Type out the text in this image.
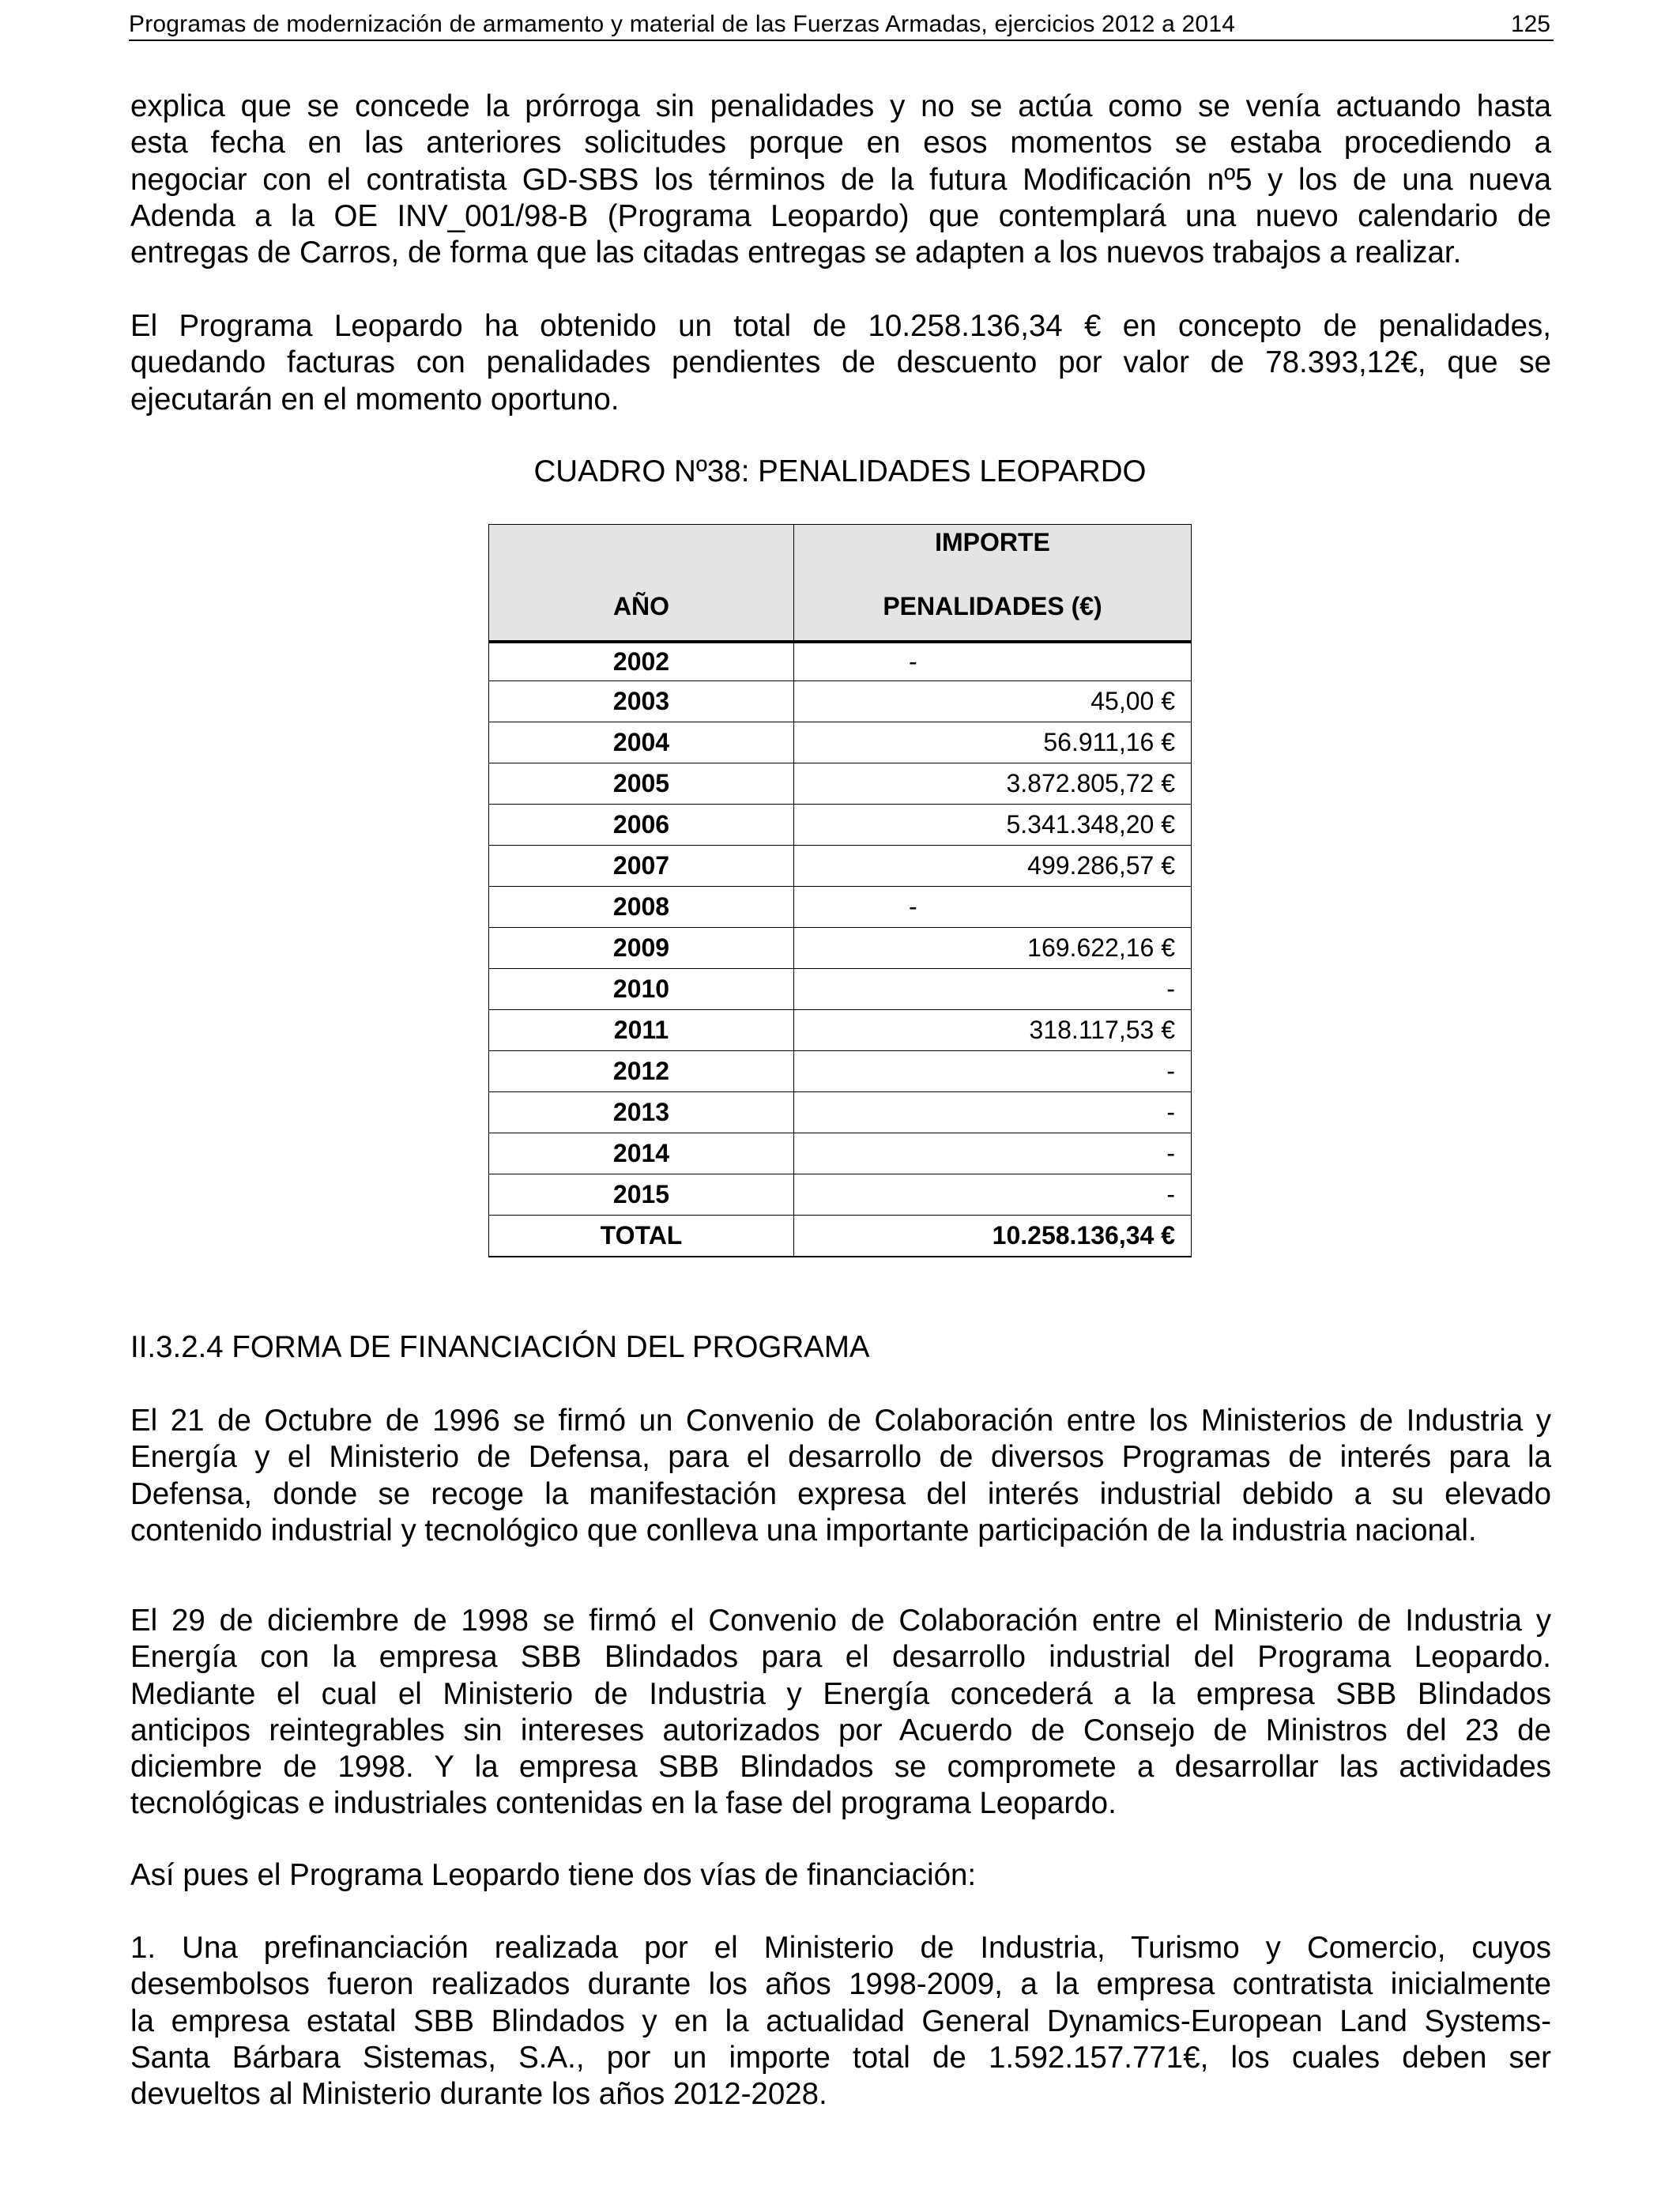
Programas de modernización de armamento y material de las Fuerzas Armadas, ejercicios 2012 a 2014	125
explica que se concede la prórroga sin penalidades y no se actúa como se venía actuando hasta
esta fecha en las anteriores solicitudes porque en esos momentos se estaba procediendo a
negociar con el contratista GD-SBS los términos de la futura Modificación nº5 y los de una nueva
Adenda a la OE INV_001/98-B (Programa Leopardo) que contemplará una nuevo calendario de
entregas de Carros, de forma que las citadas entregas se adapten a los nuevos trabajos a realizar.
El Programa Leopardo ha obtenido un total de 10.258.136,34 € en concepto de penalidades,
quedando facturas con penalidades pendientes de descuento por valor de 78.393,12€, que se
ejecutarán en el momento oportuno.
CUADRO Nº38: PENALIDADES LEOPARDO
AÑO	IMPORTE
PENALIDADES (€)

2002	-
2003	45,00 €
2004	56.911,16 €
2005	3.872.805,72 €
2006	5.341.348,20 €
2007	499.286,57 €
2008	-
2009	169.622,16 €
2010	-
2011	318.117,53 €
2012	-
2013	-
2014	-
2015	-
TOTAL	10.258.136,34 €
II.3.2.4 FORMA DE FINANCIACIÓN DEL PROGRAMA
El 21 de Octubre de 1996 se firmó un Convenio de Colaboración entre los Ministerios de Industria y
Energía y el Ministerio de Defensa, para el desarrollo de diversos Programas de interés para la
Defensa, donde se recoge la manifestación expresa del interés industrial debido a su elevado
contenido industrial y tecnológico que conlleva una importante participación de la industria nacional.
El 29 de diciembre de 1998 se firmó el Convenio de Colaboración entre el Ministerio de Industria y
Energía con la empresa SBB Blindados para el desarrollo industrial del Programa Leopardo.
Mediante el cual el Ministerio de Industria y Energía concederá a la empresa SBB Blindados
anticipos reintegrables sin intereses autorizados por Acuerdo de Consejo de Ministros del 23 de
diciembre de 1998. Y la empresa SBB Blindados se compromete a desarrollar las actividades
tecnológicas e industriales contenidas en la fase del programa Leopardo.
Así pues el Programa Leopardo tiene dos vías de financiación:
1. Una prefinanciación realizada por el Ministerio de Industria, Turismo y Comercio, cuyos
desembolsos fueron realizados durante los años 1998-2009, a la empresa contratista inicialmente
la empresa estatal SBB Blindados y en la actualidad General Dynamics-European Land Systems-
Santa Bárbara Sistemas, S.A., por un importe total de 1.592.157.771€, los cuales deben ser
devueltos al Ministerio durante los años 2012-2028.
